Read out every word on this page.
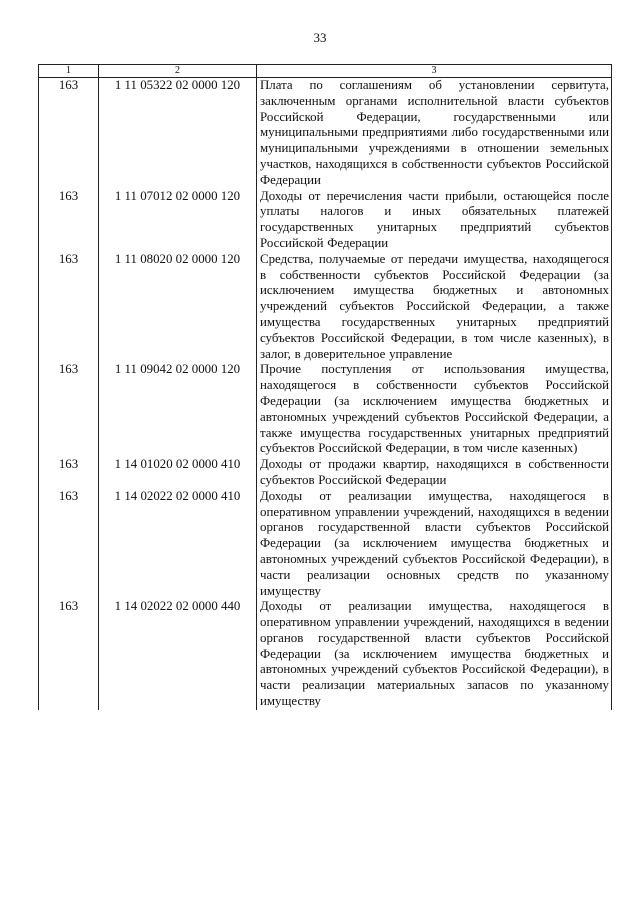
33
1	2	3
163	1 11 05322 02 0000 120	Плата по соглашениям об установлении сервитута, заключенным органами исполнительной власти субъектов Российской Федерации, государственными или муниципальными предприятиями либо государственными или муниципальными учреждениями в отношении земельных участков, находящихся в собственности субъектов Российской Федерации
163	1 11 07012 02 0000 120	Доходы от перечисления части прибыли, остающейся после уплаты налогов и иных обязательных платежей государственных унитарных предприятий субъектов Российской Федерации
163	1 11 08020 02 0000 120	Средства, получаемые от передачи имущества, находящегося в собственности субъектов Российской Федерации (за исключением имущества бюджетных и автономных учреждений субъектов Российской Федерации, а также имущества государственных унитарных предприятий субъектов Российской Федерации, в том числе казенных), в залог, в доверительное управление
163	1 11 09042 02 0000 120	Прочие поступления от использования имущества, находящегося в собственности субъектов Российской Федерации (за исключением имущества бюджетных и автономных учреждений субъектов Российской Федерации, а также имущества государственных унитарных предприятий субъектов Российской Федерации, в том числе казенных)
163	1 14 01020 02 0000 410	Доходы от продажи квартир, находящихся в собственности субъектов Российской Федерации
163	1 14 02022 02 0000 410	Доходы от реализации имущества, находящегося в оперативном управлении учреждений, находящихся в ведении органов государственной власти субъектов Российской Федерации (за исключением имущества бюджетных и автономных учреждений субъектов Российской Федерации), в части реализации основных средств по указанному имуществу
163	1 14 02022 02 0000 440	Доходы от реализации имущества, находящегося в оперативном управлении учреждений, находящихся в ведении органов государственной власти субъектов Российской Федерации (за исключением имущества бюджетных и автономных учреждений субъектов Российской Федерации), в части реализации материальных запасов по указанному имуществу
